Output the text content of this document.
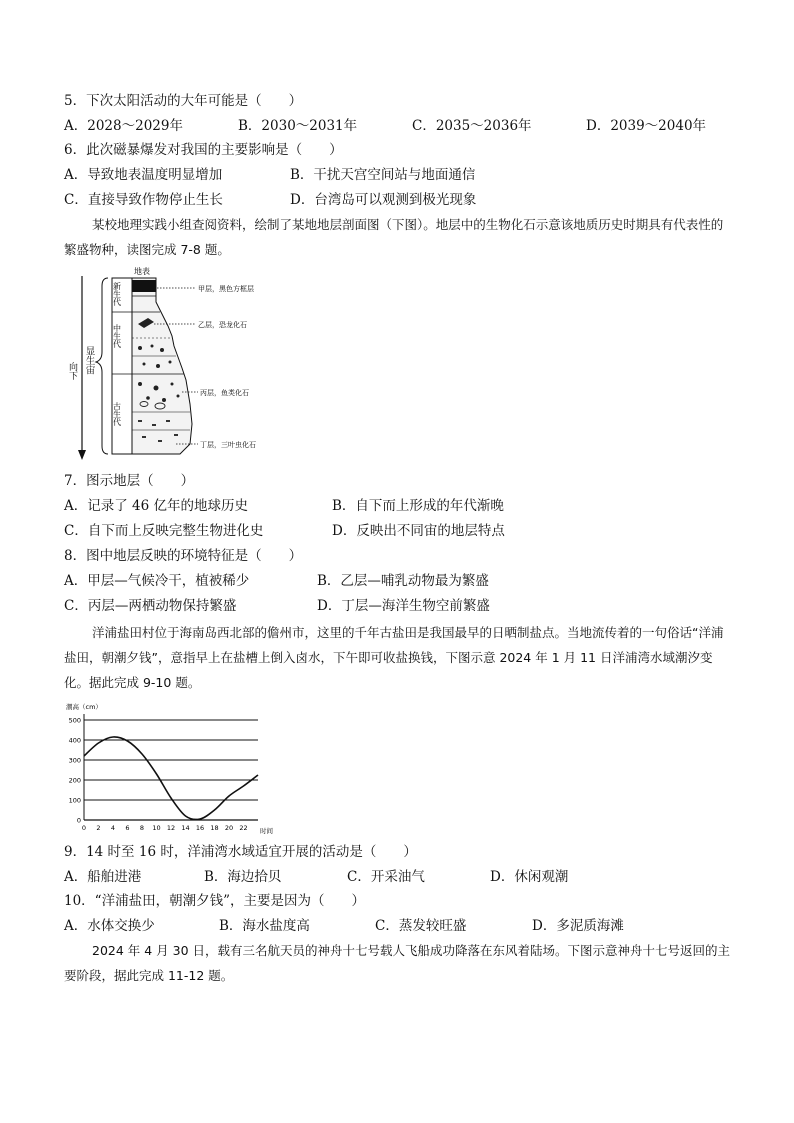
5．下次太阳活动的大年可能是（　　）
A．2028～2029年	B．2030～2031年	C．2035～2036年	D．2039～2040年
6．此次磁暴爆发对我国的主要影响是（　　）
A．导致地表温度明显增加	B．干扰天宫空间站与地面通信
C．直接导致作物停止生长	D．台湾岛可以观测到极光现象
某校地理实践小组查阅资料，绘制了某地地层剖面图（下图）。地层中的生物化石示意该地质历史时期具有代表性的繁盛物种，读图完成 7-8 题。
向下 显生宙
新生代
中生代
古生代
地表
甲层，黑色方框层
乙层，恐龙化石
丙层，鱼类化石
丁层，三叶虫化石
7．图示地层（　　）
A．记录了 46 亿年的地球历史	B．自下而上形成的年代渐晚
C．自下而上反映完整生物进化史	D．反映出不同宙的地层特点
8．图中地层反映的环境特征是（　　）
A．甲层—气候冷干，植被稀少	B．乙层—哺乳动物最为繁盛
C．丙层—两栖动物保持繁盛	D．丁层—海洋生物空前繁盛
洋浦盐田村位于海南岛西北部的儋州市，这里的千年古盐田是我国最早的日晒制盐点。当地流传着的一句俗话“洋浦盐田，朝潮夕钱”，意指早上在盐槽上倒入卤水，下午即可收盐换钱，下图示意 2024 年 1 月 11 日洋浦湾水域潮汐变化。据此完成 9-10 题。
潮高（cm）
0
100
200
300
400
500
0 2 4 6 8 10 12 14 16 18 20 22 时间
9．14 时至 16 时，洋浦湾水域适宜开展的活动是（　　）
A．船舶进港	B．海边拾贝	C．开采油气	D．休闲观潮
10．“洋浦盐田，朝潮夕钱”，主要是因为（　　）
A．水体交换少	B．海水盐度高	C．蒸发较旺盛	D．多泥质海滩
2024 年 4 月 30 日，载有三名航天员的神舟十七号载人飞船成功降落在东风着陆场。下图示意神舟十七号返回的主要阶段，据此完成 11-12 题。
